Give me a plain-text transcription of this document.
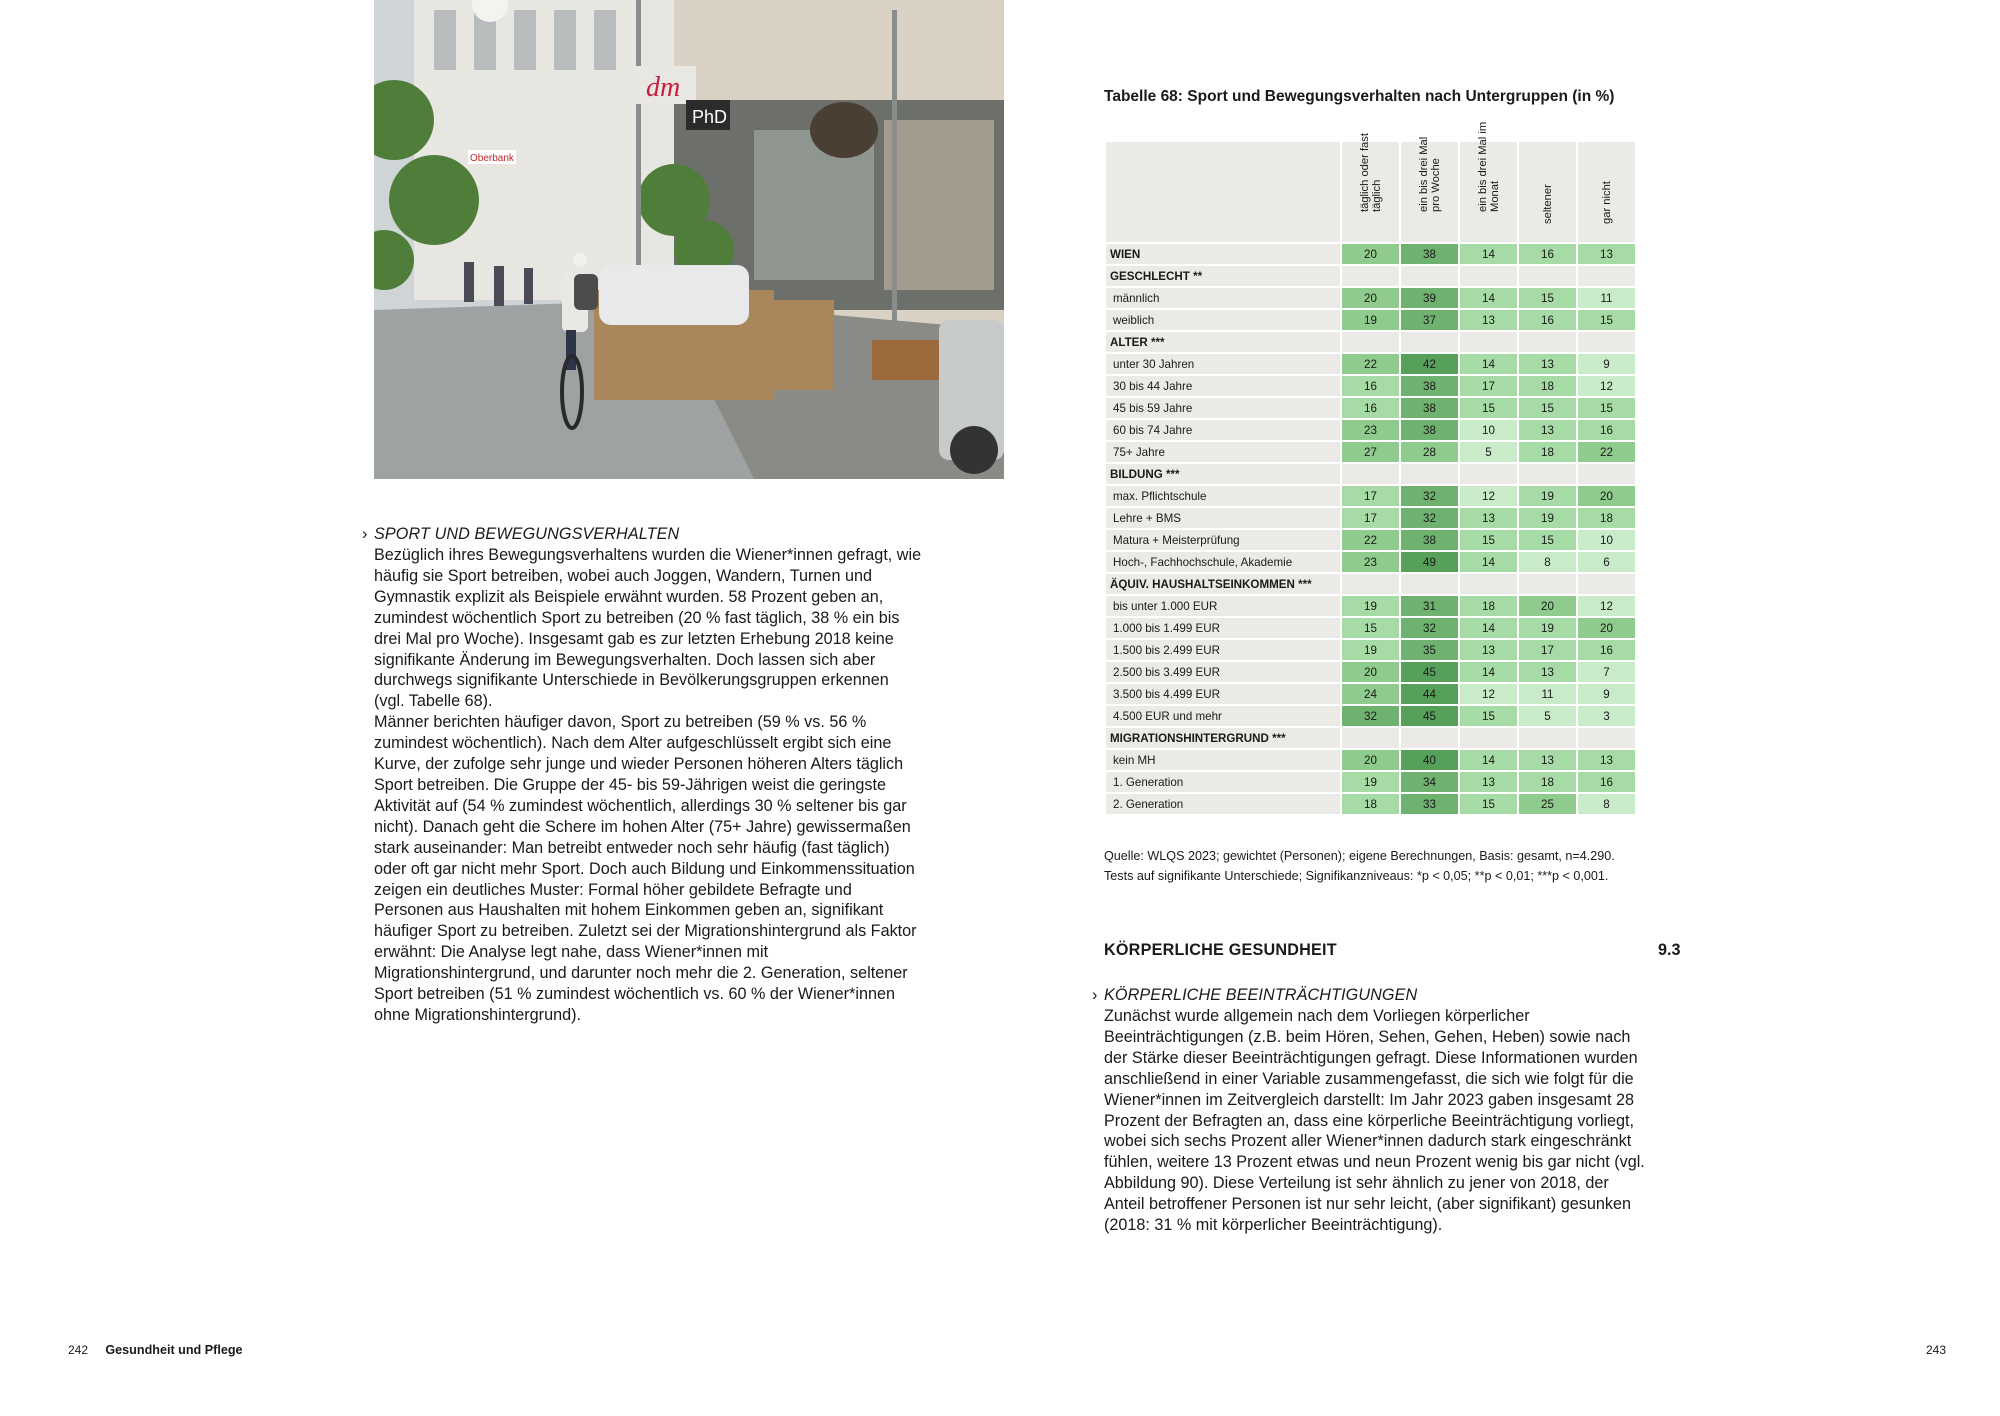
dm
PhD
Oberbank

› SPORT UND BEWEGUNGSVERHALTEN

Bezüglich ihres Bewegungsverhaltens wurden die Wiener*innen gefragt, wie häufig sie Sport betreiben, wobei auch Joggen, Wandern, Turnen und Gymnastik explizit als Beispiele erwähnt wurden. 58 Prozent geben an, zumindest wöchentlich Sport zu betreiben (20 % fast täglich, 38 % ein bis drei Mal pro Woche). Insgesamt gab es zur letzten Erhebung 2018 keine signifikante Änderung im Bewegungsverhalten. Doch lassen sich aber durchwegs signifikante Unterschiede in Bevölkerungsgruppen erkennen (vgl. Tabelle 68).

Männer berichten häufiger davon, Sport zu betreiben (59 % vs. 56 % zumindest wöchentlich). Nach dem Alter aufgeschlüsselt ergibt sich eine Kurve, der zufolge sehr junge und wieder Personen höheren Alters täglich Sport betreiben. Die Gruppe der 45- bis 59-Jährigen weist die geringste Aktivität auf (54 % zumindest wöchentlich, allerdings 30 % seltener bis gar nicht). Danach geht die Schere im hohen Alter (75+ Jahre) gewissermaßen stark auseinander: Man betreibt entweder noch sehr häufig (fast täglich) oder oft gar nicht mehr Sport. Doch auch Bildung und Einkommenssituation zeigen ein deutliches Muster: Formal höher gebildete Befragte und Personen aus Haushalten mit hohem Einkommen geben an, signifikant häufiger Sport zu betreiben. Zuletzt sei der Migrationshintergrund als Faktor erwähnt: Die Analyse legt nahe, dass Wiener*innen mit Migrationshintergrund, und darunter noch mehr die 2. Generation, seltener Sport betreiben (51 % zumindest wöchentlich vs. 60 % der Wiener*innen ohne Migrationshintergrund).

Tabelle 68: Sport und Bewegungsverhalten nach Untergruppen (in %)

	täglich oder fast täglich	ein bis drei Mal pro Woche	ein bis drei Mal im Monat	seltener	gar nicht

WIEN	20	38	14	16	13
GESCHLECHT **					
männlich	20	39	14	15	11
weiblich	19	37	13	16	15
ALTER ***					
unter 30 Jahren	22	42	14	13	9
30 bis 44 Jahre	16	38	17	18	12
45 bis 59 Jahre	16	38	15	15	15
60 bis 74 Jahre	23	38	10	13	16
75+ Jahre	27	28	5	18	22
BILDUNG ***					
max. Pflichtschule	17	32	12	19	20
Lehre + BMS	17	32	13	19	18
Matura + Meisterprüfung	22	38	15	15	10
Hoch-, Fachhochschule, Akademie	23	49	14	8	6
ÄQUIV. HAUSHALTSEINKOMMEN ***					
bis unter 1.000 EUR	19	31	18	20	12
1.000 bis 1.499 EUR	15	32	14	19	20
1.500 bis 2.499 EUR	19	35	13	17	16
2.500 bis 3.499 EUR	20	45	14	13	7
3.500 bis 4.499 EUR	24	44	12	11	9
4.500 EUR und mehr	32	45	15	5	3
MIGRATIONSHINTERGRUND ***					
kein MH	20	40	14	13	13
1. Generation	19	34	13	18	16
2. Generation	18	33	15	25	8

Quelle: WLQS 2023; gewichtet (Personen); eigene Berechnungen, Basis: gesamt, n=4.290. Tests auf signifikante Unterschiede; Signifikanzniveaus: *p < 0,05; **p < 0,01; ***p < 0,001.

KÖRPERLICHE GESUNDHEIT	9.3

› KÖRPERLICHE BEEINTRÄCHTIGUNGEN

Zunächst wurde allgemein nach dem Vorliegen körperlicher Beeinträchtigungen (z.B. beim Hören, Sehen, Gehen, Heben) sowie nach der Stärke dieser Beeinträchtigungen gefragt. Diese Informationen wurden anschließend in einer Variable zusammengefasst, die sich wie folgt für die Wiener*innen im Zeitvergleich darstellt: Im Jahr 2023 gaben insgesamt 28 Prozent der Befragten an, dass eine körperliche Beeinträchtigung vorliegt, wobei sich sechs Prozent aller Wiener*innen dadurch stark eingeschränkt fühlen, weitere 13 Prozent etwas und neun Prozent wenig bis gar nicht (vgl. Abbildung 90). Diese Verteilung ist sehr ähnlich zu jener von 2018, der Anteil betroffener Personen ist nur sehr leicht, (aber signifikant) gesunken (2018: 31 % mit körperlicher Beeinträchtigung).

242 Gesundheit und Pflege	243
